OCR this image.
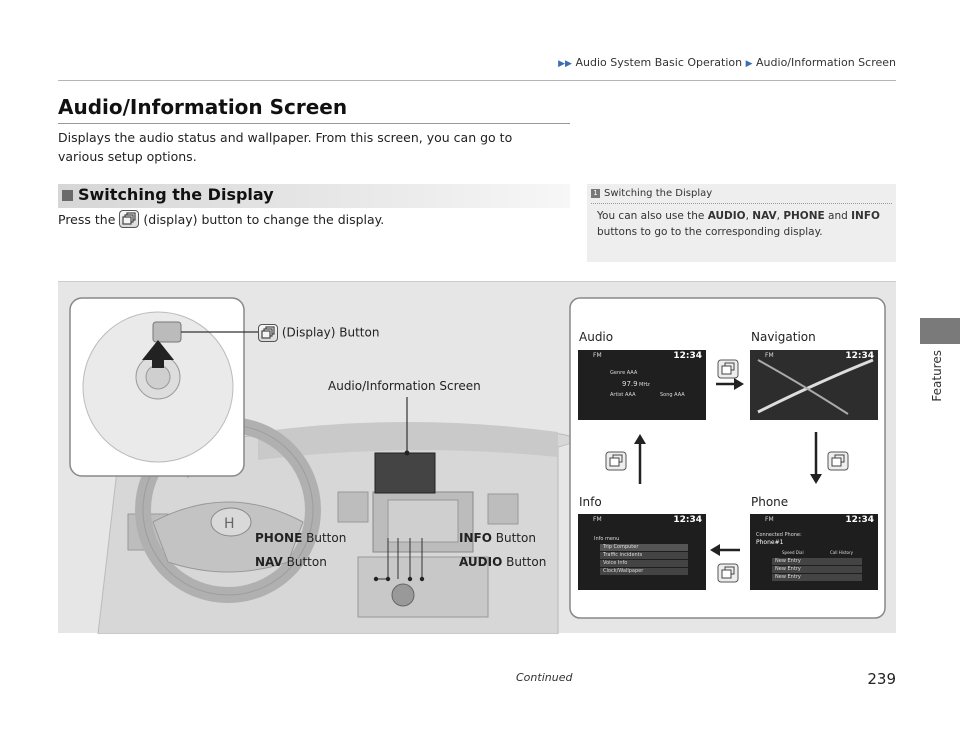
▶▶ Audio System Basic Operation ▶ Audio/Information Screen
Audio/Information Screen
Displays the audio status and wallpaper. From this screen, you can go to various setup options.
Switching the Display
Press the (display) button to change the display.
1 Switching the Display
You can also use the AUDIO, NAV, PHONE and INFO buttons to go to the corresponding display.
H
(Display) Button
Audio/Information Screen
PHONE Button
NAV Button
INFO Button
AUDIO Button
Audio	Navigation
Info	Phone
FM	12:34
Genre AAA
97.9 MHz
Artist AAA	Song AAA
FM	12:34
FM	12:34
Info menu
Trip Computer
Traffic incidents
Voice Info
Clock/Wallpaper
FM	12:34
Connected Phone:
Phone#1
Speed Dial	Call History
New Entry
New Entry
New Entry
Features
Continued	239
